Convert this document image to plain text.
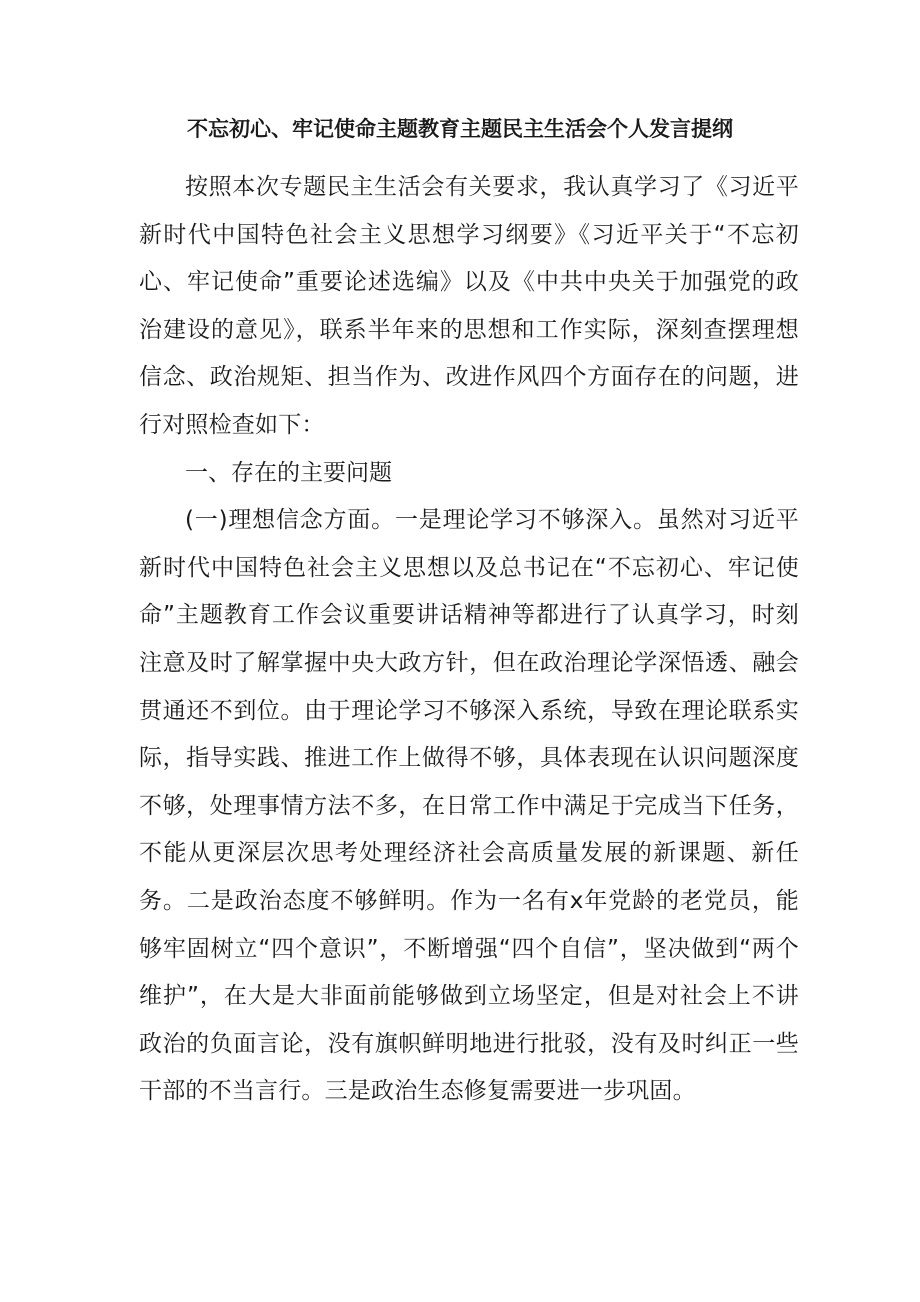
不忘初心、牢记使命主题教育主题民主生活会个人发言提纲

按照本次专题民主生活会有关要求，我认真学习了《习近平新时代中国特色社会主义思想学习纲要》《习近平关于“不忘初心、牢记使命”重要论述选编》以及《中共中央关于加强党的政治建设的意见》，联系半年来的思想和工作实际，深刻查摆理想信念、政治规矩、担当作为、改进作风四个方面存在的问题，进行对照检查如下：

一、存在的主要问题

(一)理想信念方面。一是理论学习不够深入。虽然对习近平新时代中国特色社会主义思想以及总书记在“不忘初心、牢记使命”主题教育工作会议重要讲话精神等都进行了认真学习，时刻注意及时了解掌握中央大政方针，但在政治理论学深悟透、融会贯通还不到位。由于理论学习不够深入系统，导致在理论联系实际，指导实践、推进工作上做得不够，具体表现在认识问题深度不够，处理事情方法不多，在日常工作中满足于完成当下任务，不能从更深层次思考处理经济社会高质量发展的新课题、新任务。二是政治态度不够鲜明。作为一名有x年党龄的老党员，能够牢固树立“四个意识”，不断增强“四个自信”，坚决做到“两个维护”，在大是大非面前能够做到立场坚定，但是对社会上不讲政治的负面言论，没有旗帜鲜明地进行批驳，没有及时纠正一些干部的不当言行。三是政治生态修复需要进一步巩固。
